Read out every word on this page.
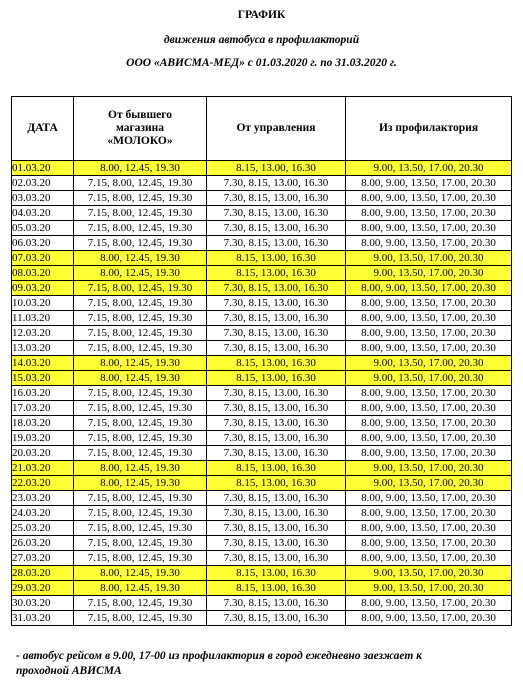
ГРАФИК
движения автобуса в профилакторий
ООО «АВИСМА-МЕД» с 01.03.2020 г. по 31.03.2020 г.
ДАТА	От бывшего магазина «МОЛОКО»	От управления	Из профилактория
01.03.20	8.00, 12.45, 19.30	8.15, 13.00, 16.30	9.00, 13.50, 17.00, 20.30
02.03.20	7.15, 8.00, 12.45, 19.30	7.30, 8.15, 13.00, 16.30	8.00, 9.00, 13.50, 17.00, 20.30
03.03.20	7.15, 8.00, 12.45, 19.30	7.30, 8.15, 13.00, 16.30	8.00, 9.00, 13.50, 17.00, 20.30
04.03.20	7.15, 8.00, 12.45, 19.30	7.30, 8.15, 13.00, 16.30	8.00, 9.00, 13.50, 17.00, 20.30
05.03.20	7.15, 8.00, 12.45, 19.30	7.30, 8.15, 13.00, 16.30	8.00, 9.00, 13.50, 17.00, 20.30
06.03.20	7.15, 8.00, 12.45, 19.30	7.30, 8.15, 13.00, 16.30	8.00, 9.00, 13.50, 17.00, 20.30
07.03.20	8.00, 12.45, 19.30	8.15, 13.00, 16.30	9.00, 13.50, 17.00, 20.30
08.03.20	8.00, 12.45, 19.30	8.15, 13.00, 16.30	9.00, 13.50, 17.00, 20.30
09.03.20	7.15, 8.00, 12.45, 19.30	7.30, 8.15, 13.00, 16.30	8.00, 9.00, 13.50, 17.00, 20.30
10.03.20	7.15, 8.00, 12.45, 19.30	7.30, 8.15, 13.00, 16.30	8.00, 9.00, 13.50, 17.00, 20.30
11.03.20	7.15, 8.00, 12.45, 19.30	7.30, 8.15, 13.00, 16.30	8.00, 9.00, 13.50, 17.00, 20.30
12.03.20	7.15, 8.00, 12.45, 19.30	7.30, 8.15, 13.00, 16.30	8.00, 9.00, 13.50, 17.00, 20.30
13.03.20	7.15, 8.00, 12.45, 19.30	7.30, 8.15, 13.00, 16.30	8.00, 9.00, 13.50, 17.00, 20.30
14.03.20	8.00, 12.45, 19.30	8.15, 13.00, 16.30	9.00, 13.50, 17.00, 20.30
15.03.20	8.00, 12.45, 19.30	8.15, 13.00, 16.30	9.00, 13.50, 17.00, 20.30
16.03.20	7.15, 8.00, 12.45, 19.30	7.30, 8.15, 13.00, 16.30	8.00, 9.00, 13.50, 17.00, 20.30
17.03.20	7.15, 8.00, 12.45, 19.30	7.30, 8.15, 13.00, 16.30	8.00, 9.00, 13.50, 17.00, 20.30
18.03.20	7.15, 8.00, 12.45, 19.30	7.30, 8.15, 13.00, 16.30	8.00, 9.00, 13.50, 17.00, 20.30
19.03.20	7.15, 8.00, 12.45, 19.30	7.30, 8.15, 13.00, 16.30	8.00, 9.00, 13.50, 17.00, 20.30
20.03.20	7.15, 8.00, 12.45, 19.30	7.30, 8.15, 13.00, 16.30	8.00, 9.00, 13.50, 17.00, 20.30
21.03.20	8.00, 12.45, 19.30	8.15, 13.00, 16.30	9.00, 13.50, 17.00, 20.30
22.03.20	8.00, 12.45, 19.30	8.15, 13.00, 16.30	9.00, 13.50, 17.00, 20.30
23.03.20	7.15, 8.00, 12.45, 19.30	7.30, 8.15, 13.00, 16.30	8.00, 9.00, 13.50, 17.00, 20.30
24.03.20	7.15, 8.00, 12.45, 19.30	7.30, 8.15, 13.00, 16.30	8.00, 9.00, 13.50, 17.00, 20.30
25.03.20	7.15, 8.00, 12.45, 19.30	7.30, 8.15, 13.00, 16.30	8.00, 9.00, 13.50, 17.00, 20.30
26.03.20	7.15, 8.00, 12.45, 19.30	7.30, 8.15, 13.00, 16.30	8.00, 9.00, 13.50, 17.00, 20.30
27.03.20	7.15, 8.00, 12.45, 19.30	7.30, 8.15, 13.00, 16.30	8.00, 9.00, 13.50, 17.00, 20.30
28.03.20	8.00, 12.45, 19.30	8.15, 13.00, 16.30	9.00, 13.50, 17.00, 20.30
29.03.20	8.00, 12.45, 19.30	8.15, 13.00, 16.30	9.00, 13.50, 17.00, 20.30
30.03.20	7.15, 8.00, 12.45, 19.30	7.30, 8.15, 13.00, 16.30	8.00, 9.00, 13.50, 17.00, 20.30
31.03.20	7.15, 8.00, 12.45, 19.30	7.30, 8.15, 13.00, 16.30	8.00, 9.00, 13.50, 17.00, 20.30
- автобус рейсом в 9.00, 17-00 из профилактория в город ежедневно заезжает к
проходной АВИСМА
